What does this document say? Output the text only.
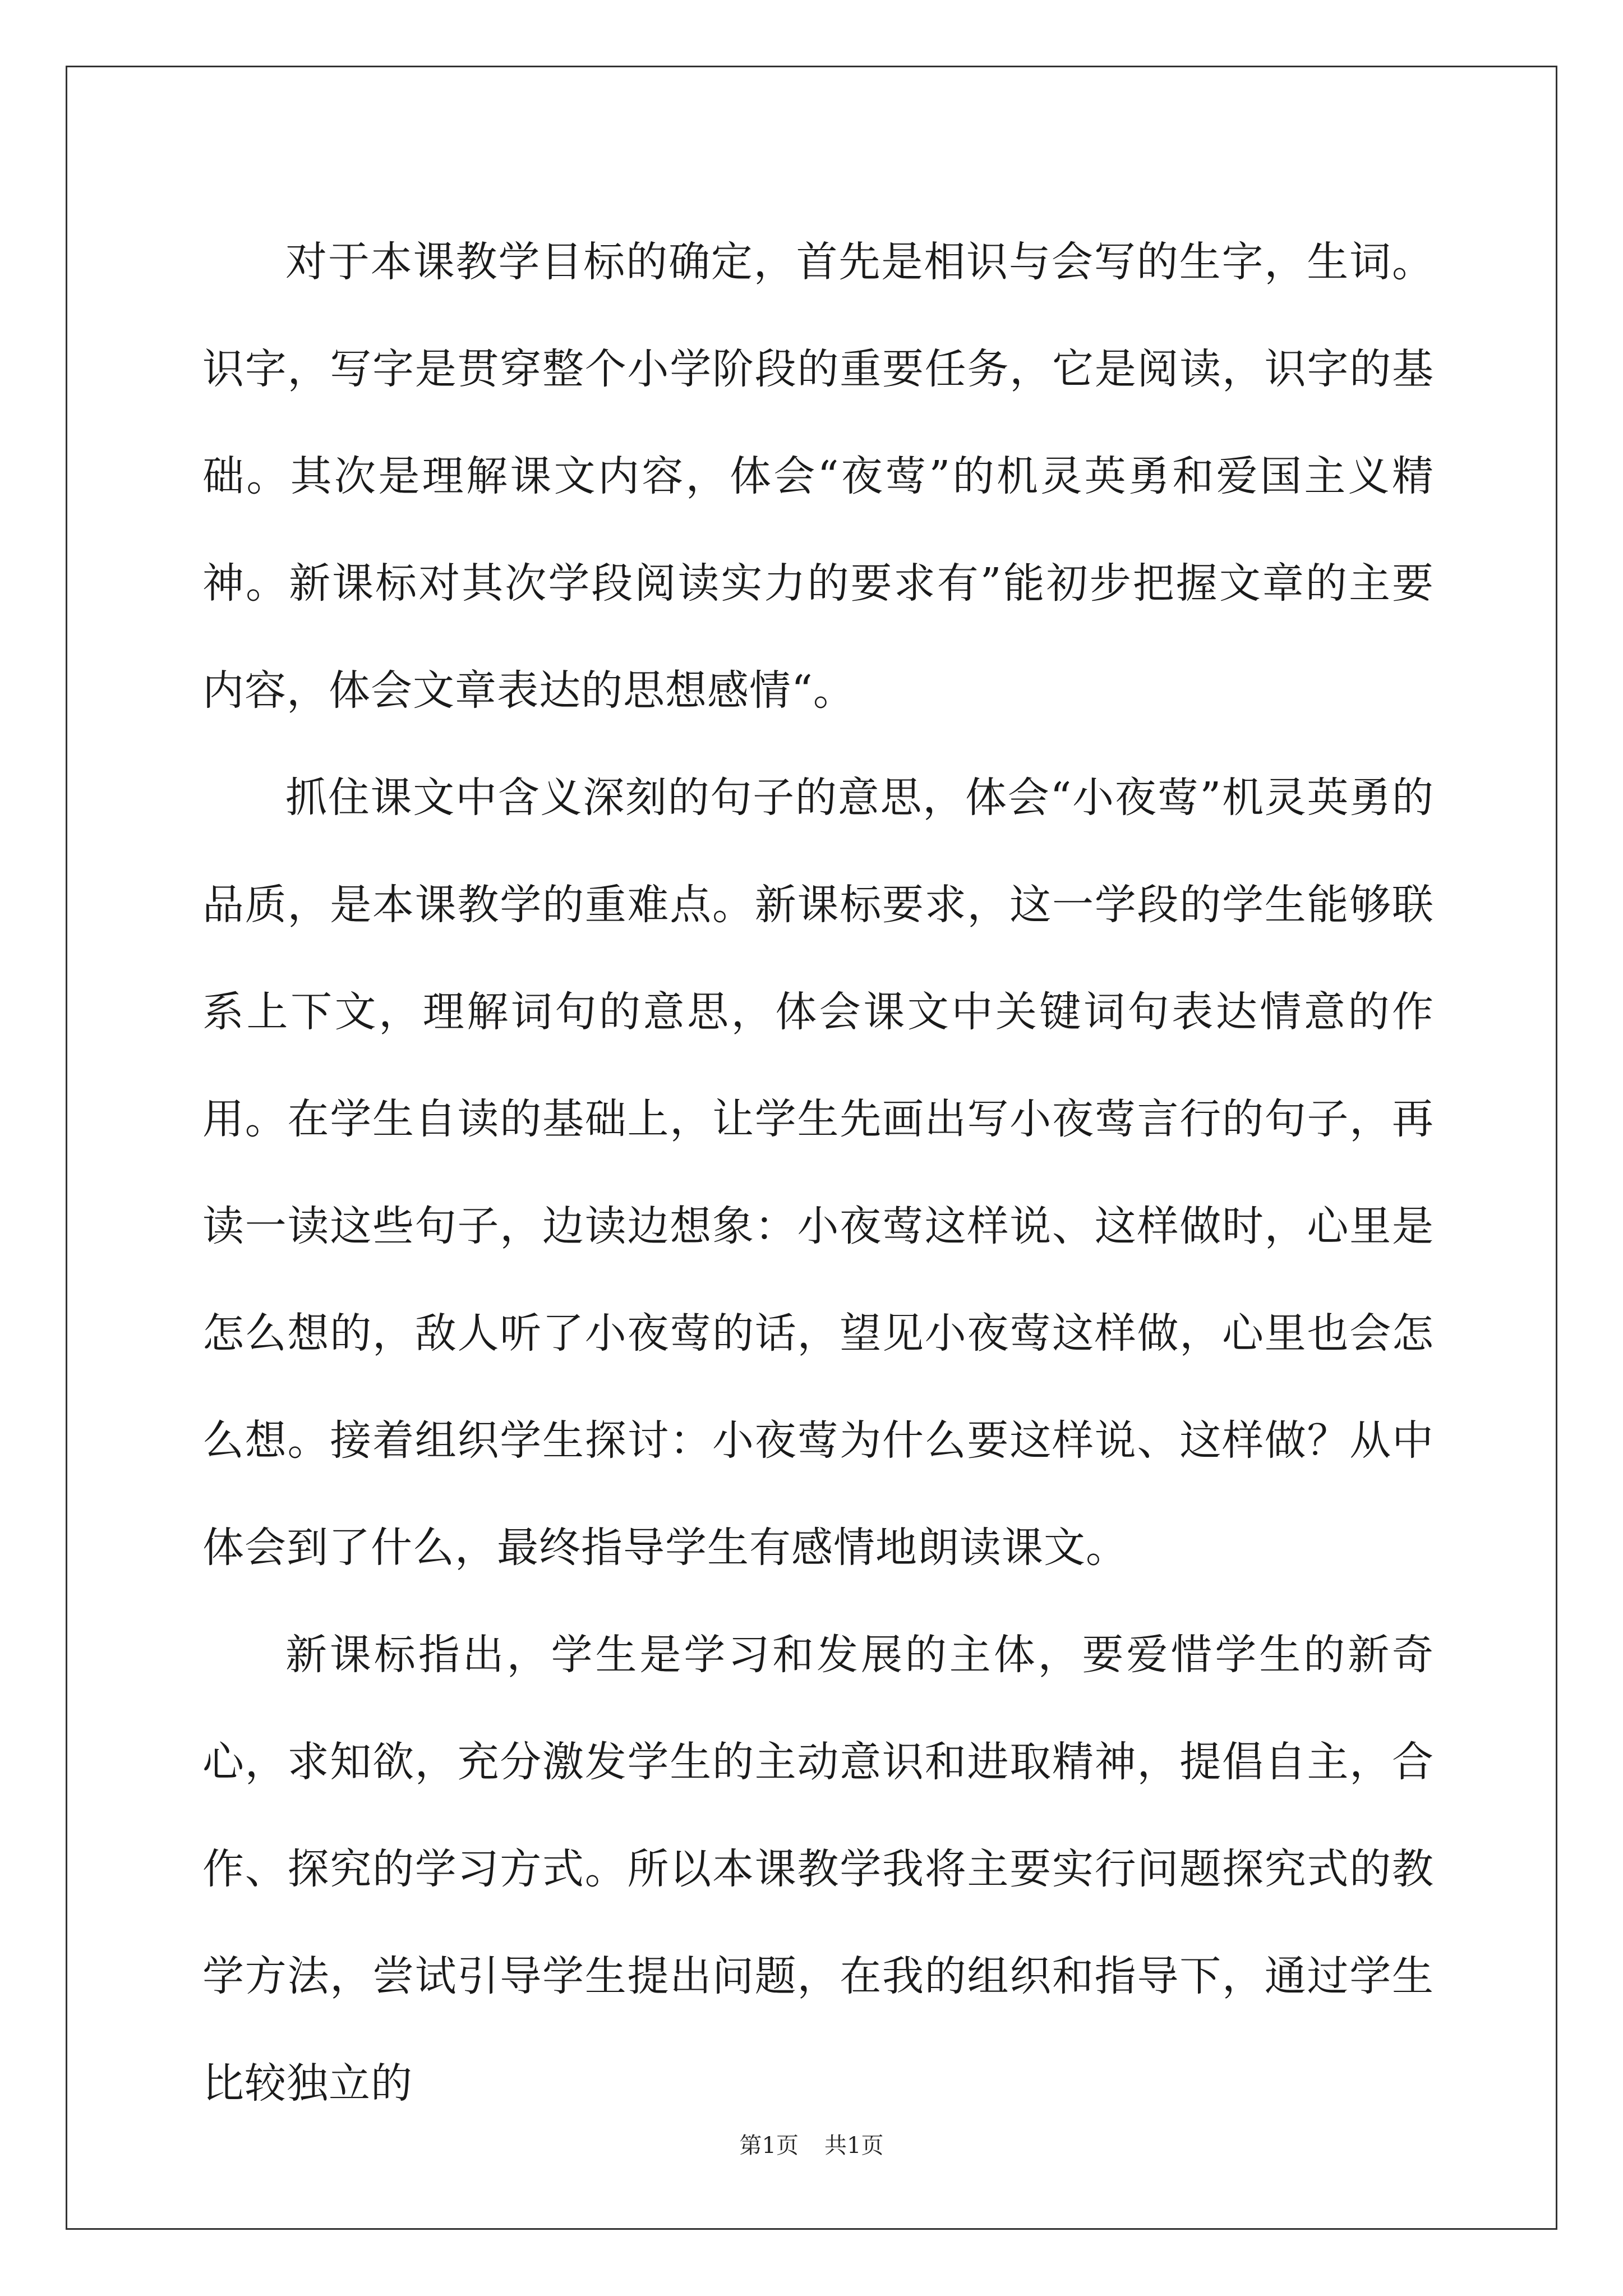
对于本课教学目标的确定，首先是相识与会写的生字，生词。识字，写字是贯穿整个小学阶段的重要任务，它是阅读，识字的基础。其次是理解课文内容，体会“夜莺”的机灵英勇和爱国主义精神。新课标对其次学段阅读实力的要求有”能初步把握文章的主要内容，体会文章表达的思想感情“。

抓住课文中含义深刻的句子的意思，体会“小夜莺”机灵英勇的品质，是本课教学的重难点。新课标要求，这一学段的学生能够联系上下文，理解词句的意思，体会课文中关键词句表达情意的作用。在学生自读的基础上，让学生先画出写小夜莺言行的句子，再读一读这些句子，边读边想象：小夜莺这样说、这样做时，心里是怎么想的，敌人听了小夜莺的话，望见小夜莺这样做，心里也会怎么想。接着组织学生探讨：小夜莺为什么要这样说、这样做？从中体会到了什么，最终指导学生有感情地朗读课文。

新课标指出，学生是学习和发展的主体，要爱惜学生的新奇心，求知欲，充分激发学生的主动意识和进取精神，提倡自主，合作、探究的学习方式。所以本课教学我将主要实行问题探究式的教学方法，尝试引导学生提出问题，在我的组织和指导下，通过学生比较独立的

第1页 共1页
